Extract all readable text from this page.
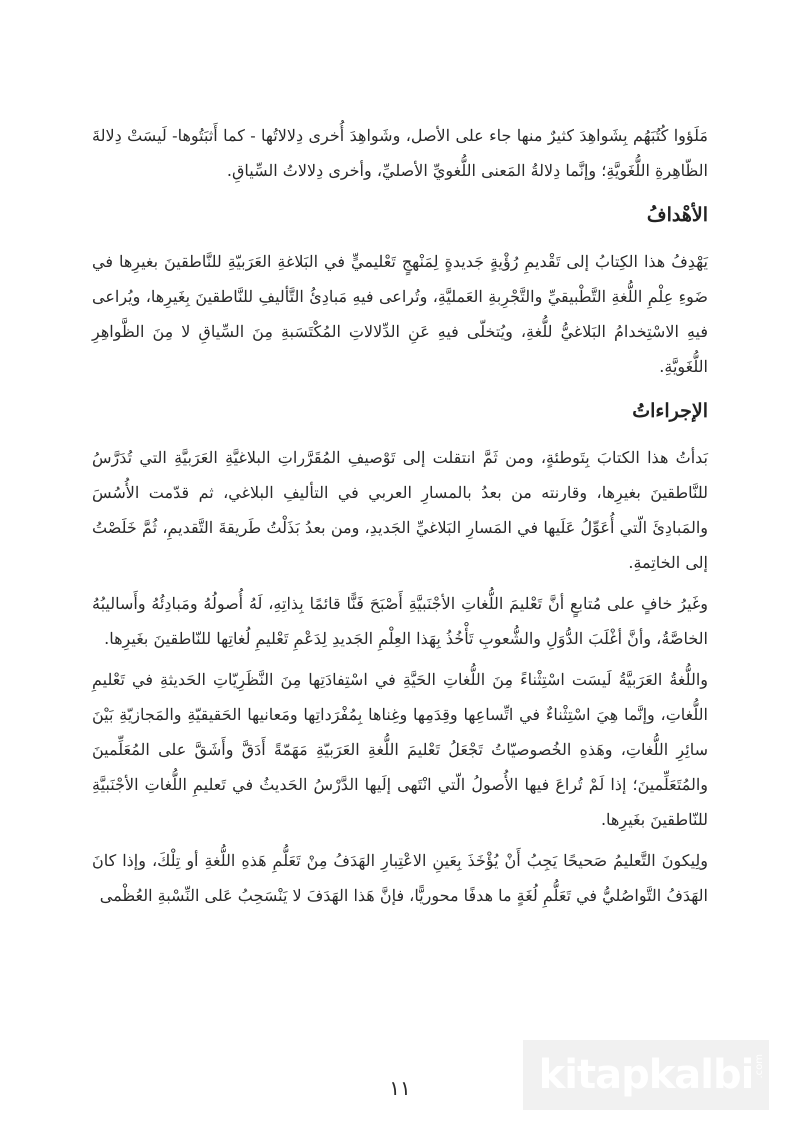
مَلَؤوا كُتُبَهُم بِشَواهِدَ كثيرٌ منها جاء على الأصل، وشَواهِدَ أُخرى دِلالاتُها - كما أَثبَتُوها- لَيسَتْ دِلالةَ الظّاهِرةِ اللُّغَويَّةِ؛ وإنَّما دِلالةُ المَعنى اللُّغويِّ الأصليِّ، وأخرى دِلالاتُ السِّياقِ.

الأهْدافُ

يَهْدِفُ هذا الكِتابُ إلى تَقْديمِ رُؤْيةٍ جَديدةٍ لِمَنْهجٍ تَعْليميٍّ في البَلاغةِ العَرَبيّةِ للنَّاطقينَ بغيرِها في ضَوءِ عِلْمِ اللُّغةِ التَّطْبيقيِّ والتَّجْرِبةِ العَمليَّةِ، وتُراعى فيهِ مَبادِئُ التَّأليفِ للنَّاطقينَ بِغَيرِها، ويُراعى فيهِ الاسْتِخدامُ البَلاغيُّ للُّغةِ، ويُتخلّى فيهِ عَنِ الدِّلالاتِ المُكْتَسَبةِ مِنَ السِّياقِ لا مِنَ الظَّواهِرِ اللُّغَويَّةِ.

الإجراءاتُ

بَدأتُ هذا الكتابَ بِتَوطئةٍ، ومن ثَمَّ انتقلت إلى تَوْصيفِ المُقَرَّراتِ البلاغيَّةِ العَرَبيَّةِ التي تُدَرَّسُ للنَّاطقينَ بغيرِها، وقارنته من بعدُ بالمسارِ العربي في التأليفِ البلاغي، ثم قدّمت الأُسُسَ والمَبادِئَ الّتي أُعَوِّلُ عَلَيها في المَسارِ البَلاغيِّ الجَديدِ، ومن بعدُ بَذَلْتُ طَريقةَ التَّقديمِ، ثُمَّ خَلَصْتُ إلى الخاتِمةِ.

وغَيرُ خافٍ على مُتابعٍ أنَّ تَعْليمَ اللُّغاتِ الأجْنَبيَّةِ أَصْبَحَ فَنًّا قائمًا بِذاتِهِ، لَهُ أُصولُهُ ومَبادِئُهُ وأَساليبُهُ الخاصَّةُ، وأنَّ أغْلَبَ الدُّوَلِ والشُّعوبِ تَأْخُذُ بِهَذا العِلْمِ الجَديدِ لِدَعْمِ تَعْليمِ لُغاتِها للنّاطقينَ بغَيرِها.

واللُّغةُ العَرَبيَّةُ لَيسَت اسْتِثْناءً مِنَ اللُّغاتِ الحَيَّةِ في اسْتِفادَتِها مِنَ النَّظَرِيّاتِ الحَديثةِ في تَعْليمِ اللُّغاتِ، وإنَّما هِيَ اسْتِثْناءٌ في اتِّساعِها وقِدَمِها وغِناها بِمُفْرَداتِها ومَعانيها الحَقيقيّةِ والمَجازيّةِ بَيْنَ سائِرِ اللُّغاتِ، وهَذهِ الخُصوصيّاتُ تَجْعَلُ تَعْليمَ اللُّغةِ العَرَبيّةِ مَهَمّةً أَدَقَّ وأَشَقَّ على المُعَلِّمينَ والمُتَعَلِّمينَ؛ إذا لَمْ تُراعَ فيها الأُصولُ الّتي انْتَهى إلَيها الدَّرْسُ الحَديثُ في تَعليمِ اللُّغاتِ الأجْنَبيَّةِ للنّاطقينَ بغَيرِها.

ولِيكونَ التَّعليمُ صَحيحًا يَجِبُ أَنْ يُؤْخَذَ بِعَينِ الاعْتِبارِ الهَدَفُ مِنْ تَعَلُّمِ هَذهِ اللُّغةِ أو تِلْكَ، وإذا كانَ الهَدَفُ التَّواصُليُّ في تَعَلُّمِ لُغَةٍ ما هدفًا محوريًّا، فإنَّ هَذا الهَدَفَ لا يَنْسَحِبُ عَلى النِّسْبةِ العُظْمى

١١	kitapkalbi .com
